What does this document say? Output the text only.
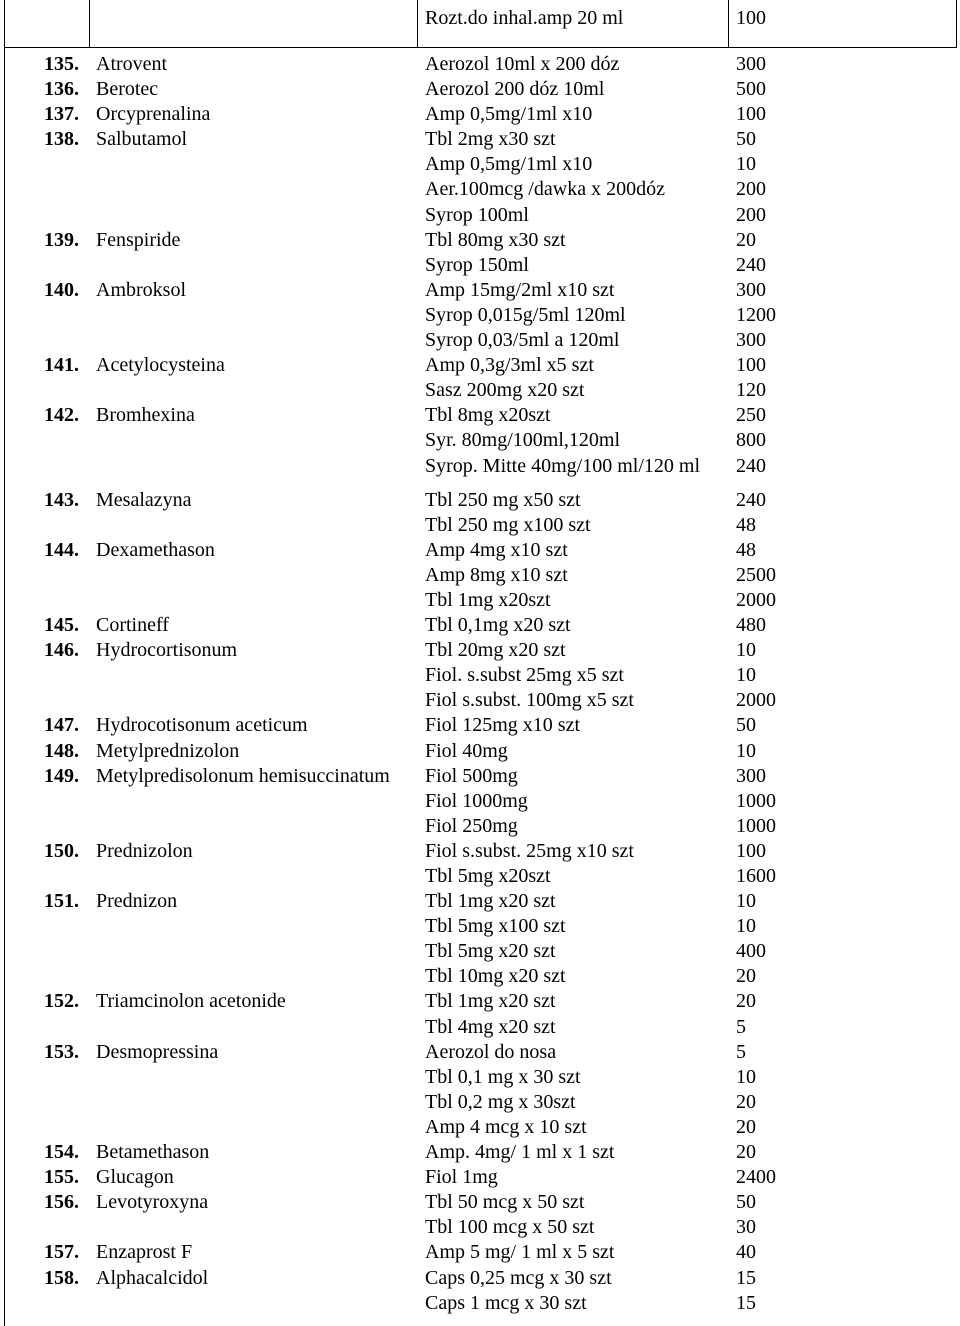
Rozt.do inhal.amp 20 ml	100
135. Atrovent	Aerozol 10ml x 200 dóz	300
136. Berotec	Aerozol 200 dóz 10ml	500
137. Orcyprenalina	Amp 0,5mg/1ml x10	100
138. Salbutamol	Tbl 2mg x30 szt	50
Amp 0,5mg/1ml x10	10
Aer.100mcg /dawka x 200dóz	200
Syrop 100ml	200
139. Fenspiride	Tbl 80mg x30 szt	20
Syrop 150ml	240
140. Ambroksol	Amp 15mg/2ml x10 szt	300
Syrop 0,015g/5ml 120ml	1200
Syrop 0,03/5ml a 120ml	300
141. Acetylocysteina	Amp 0,3g/3ml x5 szt	100
Sasz 200mg x20 szt	120
142. Bromhexina	Tbl 8mg x20szt	250
Syr. 80mg/100ml,120ml	800
Syrop. Mitte 40mg/100 ml/120 ml	240
143. Mesalazyna	Tbl 250 mg x50 szt	240
Tbl 250 mg x100 szt	48
144. Dexamethason	Amp 4mg x10 szt	48
Amp 8mg x10 szt	2500
Tbl 1mg x20szt	2000
145. Cortineff	Tbl 0,1mg x20 szt	480
146. Hydrocortisonum	Tbl 20mg x20 szt	10
Fiol. s.subst 25mg x5 szt	10
Fiol s.subst. 100mg x5 szt	2000
147. Hydrocotisonum aceticum	Fiol 125mg x10 szt	50
148. Metylprednizolon	Fiol 40mg	10
149. Metylpredisolonum hemisuccinatum	Fiol 500mg	300
Fiol 1000mg	1000
Fiol 250mg	1000
150. Prednizolon	Fiol s.subst. 25mg x10 szt	100
Tbl 5mg x20szt	1600
151. Prednizon	Tbl 1mg x20 szt	10
Tbl 5mg x100 szt	10
Tbl 5mg x20 szt	400
Tbl 10mg x20 szt	20
152. Triamcinolon acetonide	Tbl 1mg x20 szt	20
Tbl 4mg x20 szt	5
153. Desmopressina	Aerozol do nosa	5
Tbl 0,1 mg x 30 szt	10
Tbl 0,2 mg x 30szt	20
Amp 4 mcg x 10 szt	20
154. Betamethason	Amp. 4mg/ 1 ml x 1 szt	20
155. Glucagon	Fiol 1mg	2400
156. Levotyroxyna	Tbl 50 mcg x 50 szt	50
Tbl 100 mcg x 50 szt	30
157. Enzaprost F	Amp 5 mg/ 1 ml x 5 szt	40
158. Alphacalcidol	Caps 0,25 mcg x 30 szt	15
Caps 1 mcg x 30 szt	15
